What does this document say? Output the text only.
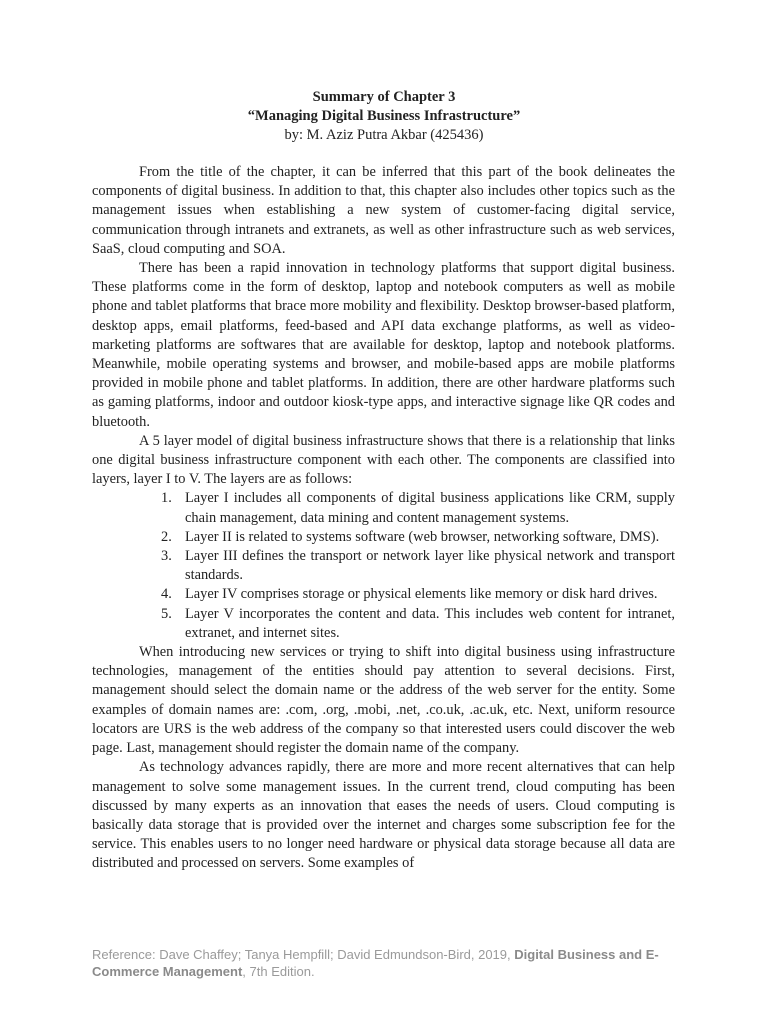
Summary of Chapter 3
“Managing Digital Business Infrastructure”
by: M. Aziz Putra Akbar (425436)

From the title of the chapter, it can be inferred that this part of the book delineates the components of digital business. In addition to that, this chapter also includes other topics such as the management issues when establishing a new system of customer-facing digital service, communication through intranets and extranets, as well as other infrastructure such as web services, SaaS, cloud computing and SOA.

There has been a rapid innovation in technology platforms that support digital business. These platforms come in the form of desktop, laptop and notebook computers as well as mobile phone and tablet platforms that brace more mobility and flexibility. Desktop browser-based platform, desktop apps, email platforms, feed-based and API data exchange platforms, as well as video-marketing platforms are softwares that are available for desktop, laptop and notebook platforms. Meanwhile, mobile operating systems and browser, and mobile-based apps are mobile platforms provided in mobile phone and tablet platforms. In addition, there are other hardware platforms such as gaming platforms, indoor and outdoor kiosk-type apps, and interactive signage like QR codes and bluetooth.

A 5 layer model of digital business infrastructure shows that there is a relationship that links one digital business infrastructure component with each other. The components are classified into layers, layer I to V. The layers are as follows:

1. Layer I includes all components of digital business applications like CRM, supply chain management, data mining and content management systems.
2. Layer II is related to systems software (web browser, networking software, DMS).
3. Layer III defines the transport or network layer like physical network and transport standards.
4. Layer IV comprises storage or physical elements like memory or disk hard drives.
5. Layer V incorporates the content and data. This includes web content for intranet, extranet, and internet sites.

When introducing new services or trying to shift into digital business using infrastructure technologies, management of the entities should pay attention to several decisions. First, management should select the domain name or the address of the web server for the entity. Some examples of domain names are: .com, .org, .mobi, .net, .co.uk, .ac.uk, etc. Next, uniform resource locators are URS is the web address of the company so that interested users could discover the web page. Last, management should register the domain name of the company.

As technology advances rapidly, there are more and more recent alternatives that can help management to solve some management issues. In the current trend, cloud computing has been discussed by many experts as an innovation that eases the needs of users. Cloud computing is basically data storage that is provided over the internet and charges some subscription fee for the service. This enables users to no longer need hardware or physical data storage because all data are distributed and processed on servers. Some examples of

Reference: Dave Chaffey; Tanya Hempfill; David Edmundson-Bird, 2019, Digital Business and E-Commerce Management, 7th Edition.
